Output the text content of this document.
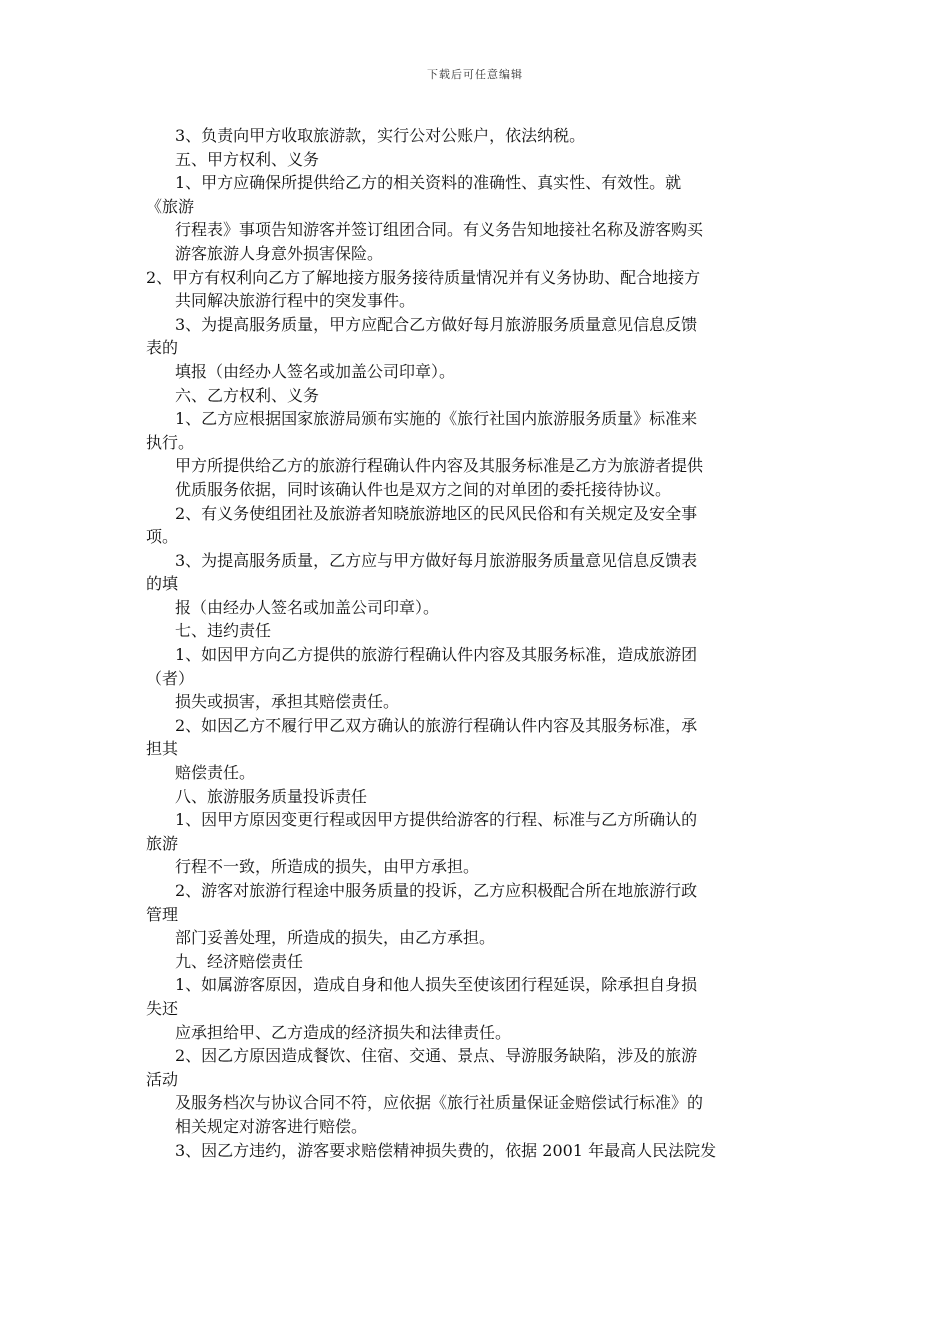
下载后可任意编辑
3、负责向甲方收取旅游款，实行公对公账户，依法纳税。
五、甲方权利、义务
1、甲方应确保所提供给乙方的相关资料的准确性、真实性、有效性。就
《旅游
行程表》事项告知游客并签订组团合同。有义务告知地接社名称及游客购买
游客旅游人身意外损害保险。
2、甲方有权利向乙方了解地接方服务接待质量情况并有义务协助、配合地接方
共同解决旅游行程中的突发事件。
3、为提高服务质量，甲方应配合乙方做好每月旅游服务质量意见信息反馈
表的
填报（由经办人签名或加盖公司印章）。
六、乙方权利、义务
1、乙方应根据国家旅游局颁布实施的《旅行社国内旅游服务质量》标准来
执行。
甲方所提供给乙方的旅游行程确认件内容及其服务标准是乙方为旅游者提供
优质服务依据，同时该确认件也是双方之间的对单团的委托接待协议。
2、有义务使组团社及旅游者知晓旅游地区的民风民俗和有关规定及安全事
项。
3、为提高服务质量，乙方应与甲方做好每月旅游服务质量意见信息反馈表
的填
报（由经办人签名或加盖公司印章）。
七、违约责任
1、如因甲方向乙方提供的旅游行程确认件内容及其服务标准，造成旅游团
（者）
损失或损害，承担其赔偿责任。
2、如因乙方不履行甲乙双方确认的旅游行程确认件内容及其服务标准，承
担其
赔偿责任。
八、旅游服务质量投诉责任
1、因甲方原因变更行程或因甲方提供给游客的行程、标准与乙方所确认的
旅游
行程不一致，所造成的损失，由甲方承担。
2、游客对旅游行程途中服务质量的投诉，乙方应积极配合所在地旅游行政
管理
部门妥善处理，所造成的损失，由乙方承担。
九、经济赔偿责任
1、如属游客原因，造成自身和他人损失至使该团行程延误，除承担自身损
失还
应承担给甲、乙方造成的经济损失和法律责任。
2、因乙方原因造成餐饮、住宿、交通、景点、导游服务缺陷，涉及的旅游
活动
及服务档次与协议合同不符，应依据《旅行社质量保证金赔偿试行标准》的
相关规定对游客进行赔偿。
3、因乙方违约，游客要求赔偿精神损失费的，依据 2001 年最高人民法院发
